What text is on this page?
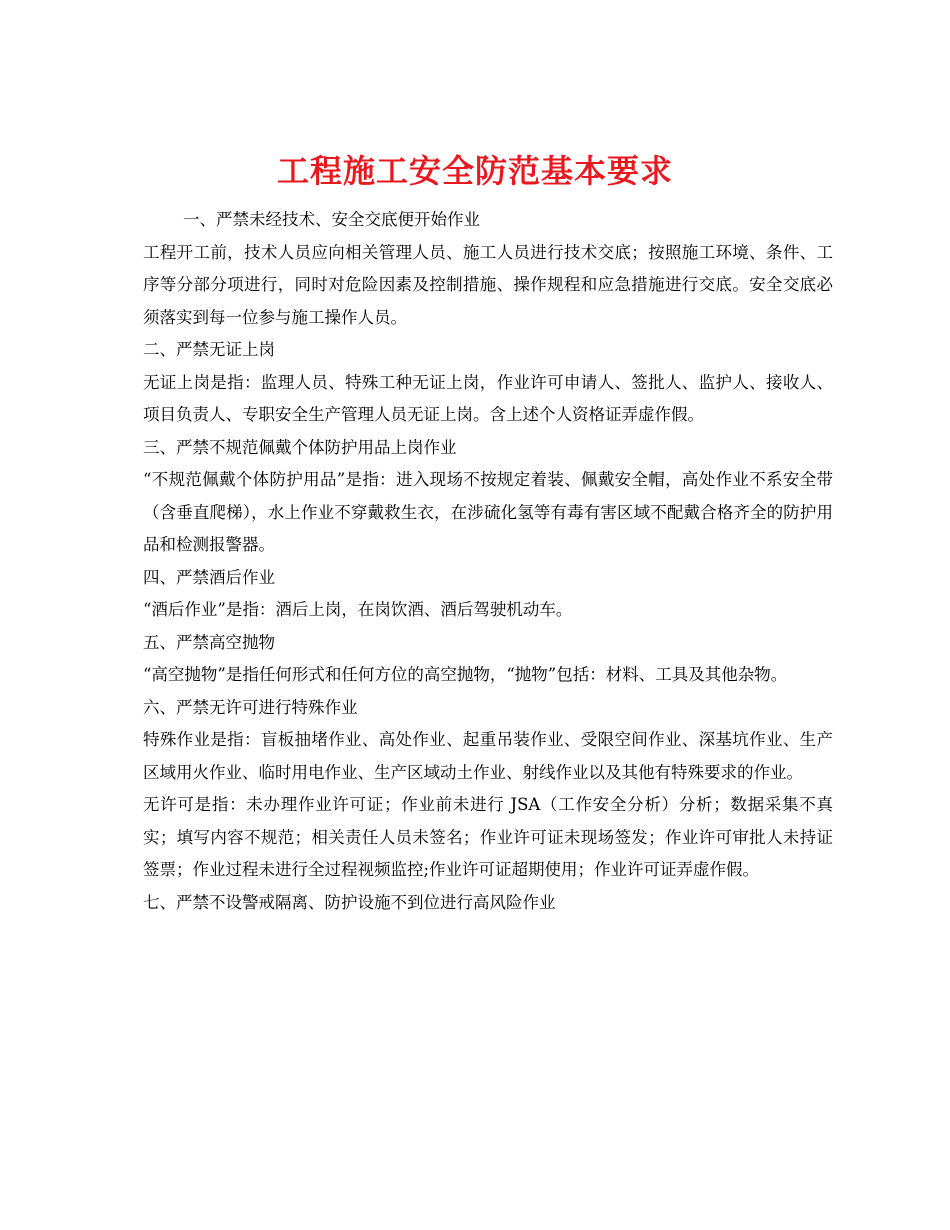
工程施工安全防范基本要求

一、严禁未经技术、安全交底便开始作业

工程开工前，技术人员应向相关管理人员、施工人员进行技术交底；按照施工环境、条件、工序等分部分项进行，同时对危险因素及控制措施、操作规程和应急措施进行交底。安全交底必须落实到每一位参与施工操作人员。

二、严禁无证上岗

无证上岗是指：监理人员、特殊工种无证上岗，作业许可申请人、签批人、监护人、接收人、项目负责人、专职安全生产管理人员无证上岗。含上述个人资格证弄虚作假。

三、严禁不规范佩戴个体防护用品上岗作业

“不规范佩戴个体防护用品”是指：进入现场不按规定着装、佩戴安全帽，高处作业不系安全带（含垂直爬梯），水上作业不穿戴救生衣，在涉硫化氢等有毒有害区域不配戴合格齐全的防护用品和检测报警器。

四、严禁酒后作业

“酒后作业”是指：酒后上岗，在岗饮酒、酒后驾驶机动车。

五、严禁高空抛物

“高空抛物”是指任何形式和任何方位的高空抛物，“抛物”包括：材料、工具及其他杂物。

六、严禁无许可进行特殊作业

特殊作业是指：盲板抽堵作业、高处作业、起重吊装作业、受限空间作业、深基坑作业、生产区域用火作业、临时用电作业、生产区域动土作业、射线作业以及其他有特殊要求的作业。

无许可是指：未办理作业许可证；作业前未进行 JSA（工作安全分析）分析；数据采集不真实；填写内容不规范；相关责任人员未签名；作业许可证未现场签发；作业许可审批人未持证签票；作业过程未进行全过程视频监控;作业许可证超期使用；作业许可证弄虚作假。

七、严禁不设警戒隔离、防护设施不到位进行高风险作业
